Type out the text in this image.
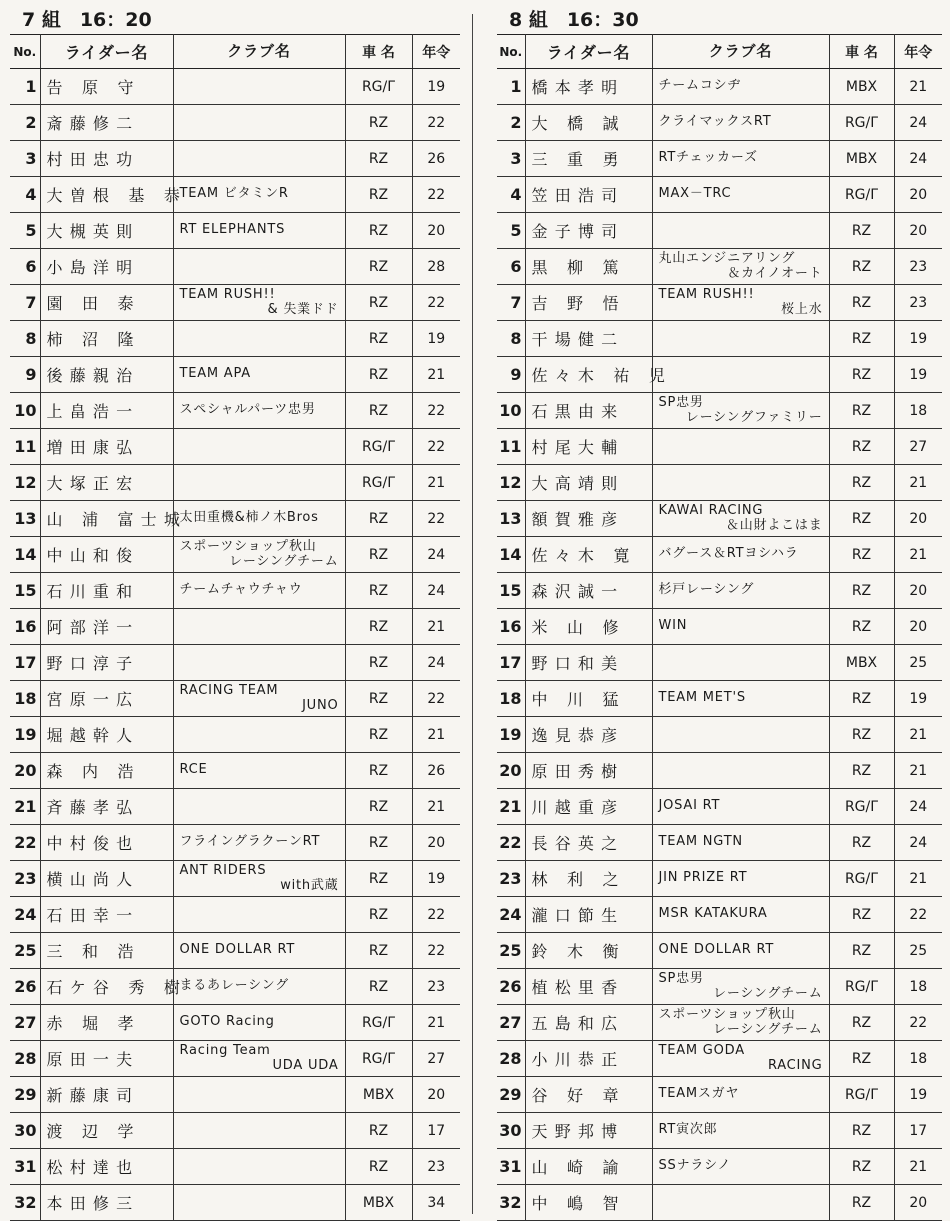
7 組　16：20
No.	ライダー名	クラブ名	車 名	年令
1	告 原 守		RG/Γ	19
2	斎藤修二		RZ	22
3	村田忠功		RZ	26
4	大曽根 基 恭	TEAM ビタミンR	RZ	22
5	大槻英則	RT ELEPHANTS	RZ	20
6	小島洋明		RZ	28
7	園 田 泰	TEAM RUSH!!
& 失業ドド	RZ	22
8	柿 沼 隆		RZ	19
9	後藤親治	TEAM APA	RZ	21
10	上畠浩一	スペシャルパーツ忠男	RZ	22
11	増田康弘		RG/Γ	22
12	大塚正宏		RG/Γ	21
13	山 浦 富士城	太田重機&柿ノ木Bros	RZ	22
14	中山和俊	スポーツショップ秋山
レーシングチーム	RZ	24
15	石川重和	チームチャウチャウ	RZ	24
16	阿部洋一		RZ	21
17	野口淳子		RZ	24
18	宮原一広	RACING TEAM
JUNO	RZ	22
19	堀越幹人		RZ	21
20	森 内 浩	RCE	RZ	26
21	斉藤孝弘		RZ	21
22	中村俊也	フライングラクーンRT	RZ	20
23	横山尚人	ANT RIDERS
with武蔵	RZ	19
24	石田幸一		RZ	22
25	三 和 浩	ONE DOLLAR RT	RZ	22
26	石ケ谷 秀 樹	まるあレーシング	RZ	23
27	赤 堀 孝	GOTO Racing	RG/Γ	21
28	原田一夫	Racing Team
UDA UDA	RG/Γ	27
29	新藤康司		MBX	20
30	渡 辺 学		RZ	17
31	松村達也		RZ	23
32	本田修三		MBX	34
8 組　16：30
No.	ライダー名	クラブ名	車 名	年令
1	橋本孝明	チームコシヂ	MBX	21
2	大 橋 誠	クライマックスRT	RG/Γ	24
3	三 重 勇	RTチェッカーズ	MBX	24
4	笠田浩司	MAX－TRC	RG/Γ	20
5	金子博司		RZ	20
6	黒 柳 篤	丸山エンジニアリング
＆カイノオート	RZ	23
7	吉 野 悟	TEAM RUSH!!
桜上水	RZ	23
8	干場健二		RZ	19
9	佐々木 祐 児		RZ	19
10	石黒由来	SP忠男
レーシングファミリー	RZ	18
11	村尾大輔		RZ	27
12	大高靖則		RZ	21
13	額賀雅彦	KAWAI RACING
＆山財よこはま	RZ	20
14	佐々木 寛	バグース＆RTヨシハラ	RZ	21
15	森沢誠一	杉戸レーシング	RZ	20
16	米 山 修	WIN	RZ	20
17	野口和美		MBX	25
18	中 川 猛	TEAM MET'S	RZ	19
19	逸見恭彦		RZ	21
20	原田秀樹		RZ	21
21	川越重彦	JOSAI RT	RG/Γ	24
22	長谷英之	TEAM NGTN	RZ	24
23	林 利 之	JIN PRIZE RT	RG/Γ	21
24	瀧口節生	MSR KATAKURA	RZ	22
25	鈴 木 衡	ONE DOLLAR RT	RZ	25
26	植松里香	SP忠男
レーシングチーム	RG/Γ	18
27	五島和広	スポーツショップ秋山
レーシングチーム	RZ	22
28	小川恭正	TEAM GODA
RACING	RZ	18
29	谷 好 章	TEAMスガヤ	RG/Γ	19
30	天野邦博	RT寅次郎	RZ	17
31	山 崎 諭	SSナラシノ	RZ	21
32	中 嶋 智		RZ	20
